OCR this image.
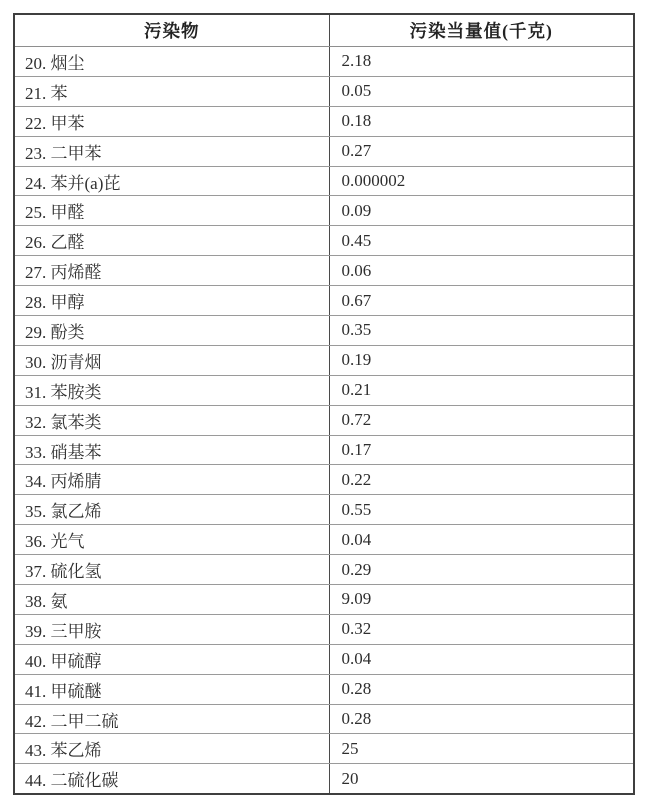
污染物	污染当量值(千克)
20. 烟尘	2.18
21. 苯	0.05
22. 甲苯	0.18
23. 二甲苯	0.27
24. 苯并(a)芘	0.000002
25. 甲醛	0.09
26. 乙醛	0.45
27. 丙烯醛	0.06
28. 甲醇	0.67
29. 酚类	0.35
30. 沥青烟	0.19
31. 苯胺类	0.21
32. 氯苯类	0.72
33. 硝基苯	0.17
34. 丙烯腈	0.22
35. 氯乙烯	0.55
36. 光气	0.04
37. 硫化氢	0.29
38. 氨	9.09
39. 三甲胺	0.32
40. 甲硫醇	0.04
41. 甲硫醚	0.28
42. 二甲二硫	0.28
43. 苯乙烯	25
44. 二硫化碳	20
